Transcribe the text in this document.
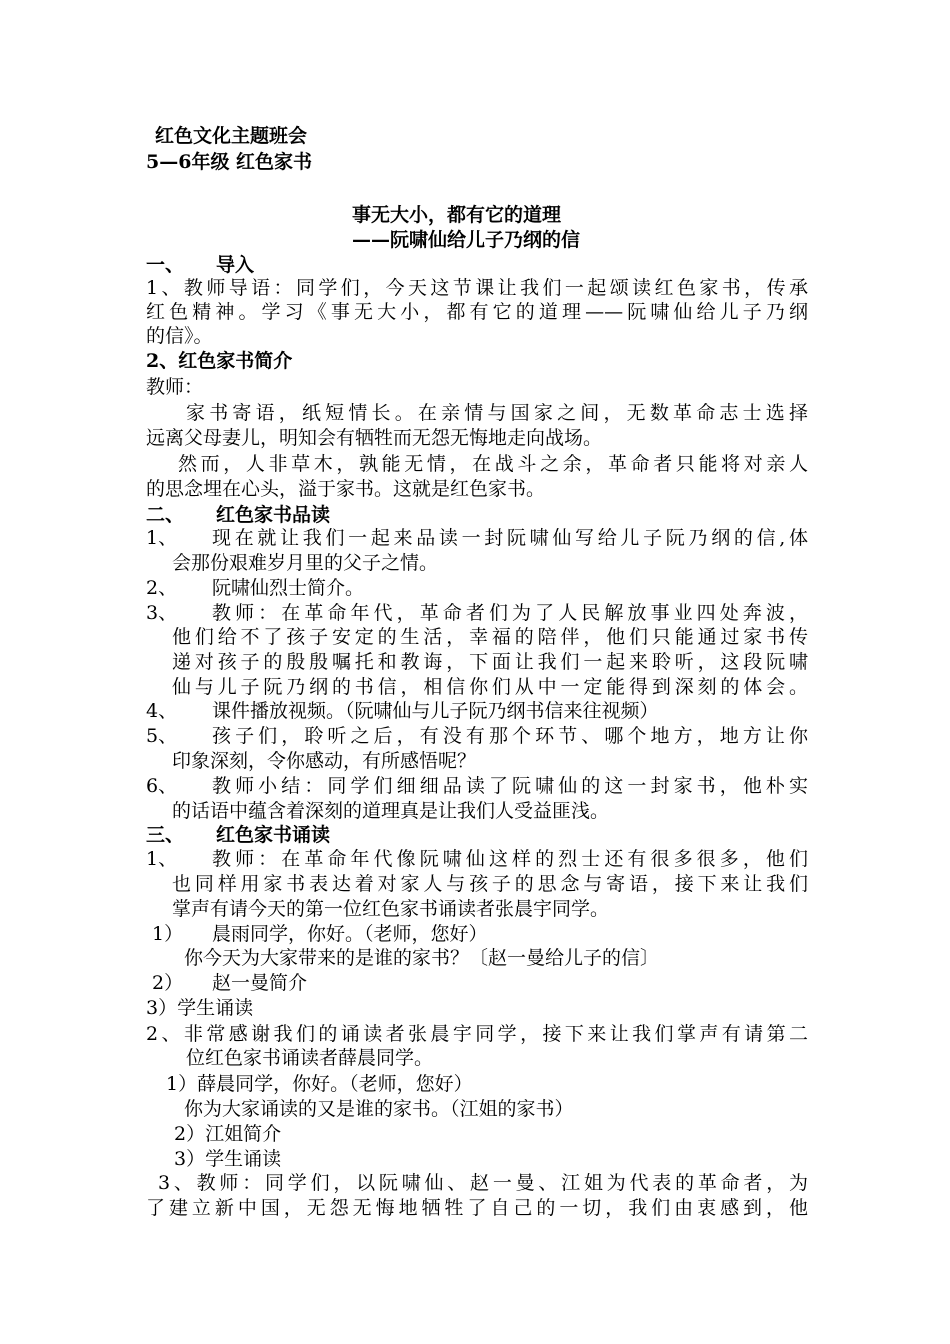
红色文化主题班会
5—6年级 红色家书
事无大小，都有它的道理
——阮啸仙给儿子乃纲的信
一、 导入
1、教师导语：同学们，今天这节课让我们一起颂读红色家书，传承
红色精神。学习《事无大小，都有它的道理——阮啸仙给儿子乃纲
的信》。
2、红色家书简介
教师：
家书寄语，纸短情长。在亲情与国家之间，无数革命志士选择
远离父母妻儿，明知会有牺牲而无怨无悔地走向战场。
然而，人非草木，孰能无情，在战斗之余，革命者只能将对亲人
的思念埋在心头，溢于家书。这就是红色家书。
二、 红色家书品读
1、 现在就让我们一起来品读一封阮啸仙写给儿子阮乃纲的信,体
会那份艰难岁月里的父子之情。
2、 阮啸仙烈士简介。
3、 教师：在革命年代，革命者们为了人民解放事业四处奔波，
他们给不了孩子安定的生活，幸福的陪伴，他们只能通过家书传
递对孩子的殷殷嘱托和教诲，下面让我们一起来聆听，这段阮啸
仙与儿子阮乃纲的书信，相信你们从中一定能得到深刻的体会。
4、 课件播放视频。（阮啸仙与儿子阮乃纲书信来往视频）
5、 孩子们，聆听之后，有没有那个环节、哪个地方，地方让你
印象深刻，令你感动，有所感悟呢？
6、 教师小结：同学们细细品读了阮啸仙的这一封家书，他朴实
的话语中蕴含着深刻的道理真是让我们人受益匪浅。
三、 红色家书诵读
1、 教师：在革命年代像阮啸仙这样的烈士还有很多很多，他们
也同样用家书表达着对家人与孩子的思念与寄语，接下来让我们
掌声有请今天的第一位红色家书诵读者张晨宇同学。
1） 晨雨同学，你好。（老师，您好）
你今天为大家带来的是谁的家书？〔赵一曼给儿子的信〕
2） 赵一曼简介
3）学生诵读
2、非常感谢我们的诵读者张晨宇同学，接下来让我们掌声有请第二
位红色家书诵读者薛晨同学。
1）薛晨同学，你好。（老师，您好）
你为大家诵读的又是谁的家书。（江姐的家书）
2）江姐简介
3）学生诵读
3、教师：同学们，以阮啸仙、赵一曼、江姐为代表的革命者，为
了建立新中国，无怨无悔地牺牲了自己的一切，我们由衷感到，他
